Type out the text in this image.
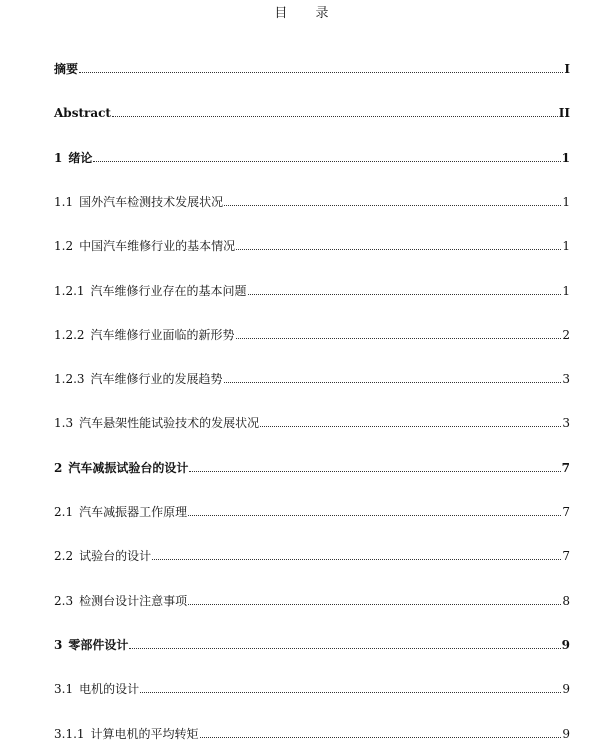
目 录
摘要	I
Abstract	II
1 绪论	1
1.1 国外汽车检测技术发展状况	1
1.2 中国汽车维修行业的基本情况	1
1.2.1 汽车维修行业存在的基本问题	1
1.2.2 汽车维修行业面临的新形势	2
1.2.3 汽车维修行业的发展趋势	3
1.3 汽车悬架性能试验技术的发展状况	3
2 汽车减振试验台的设计	7
2.1 汽车减振器工作原理	7
2.2 试验台的设计	7
2.3 检测台设计注意事项	8
3 零部件设计	9
3.1 电机的设计	9
3.1.1 计算电机的平均转矩	9
